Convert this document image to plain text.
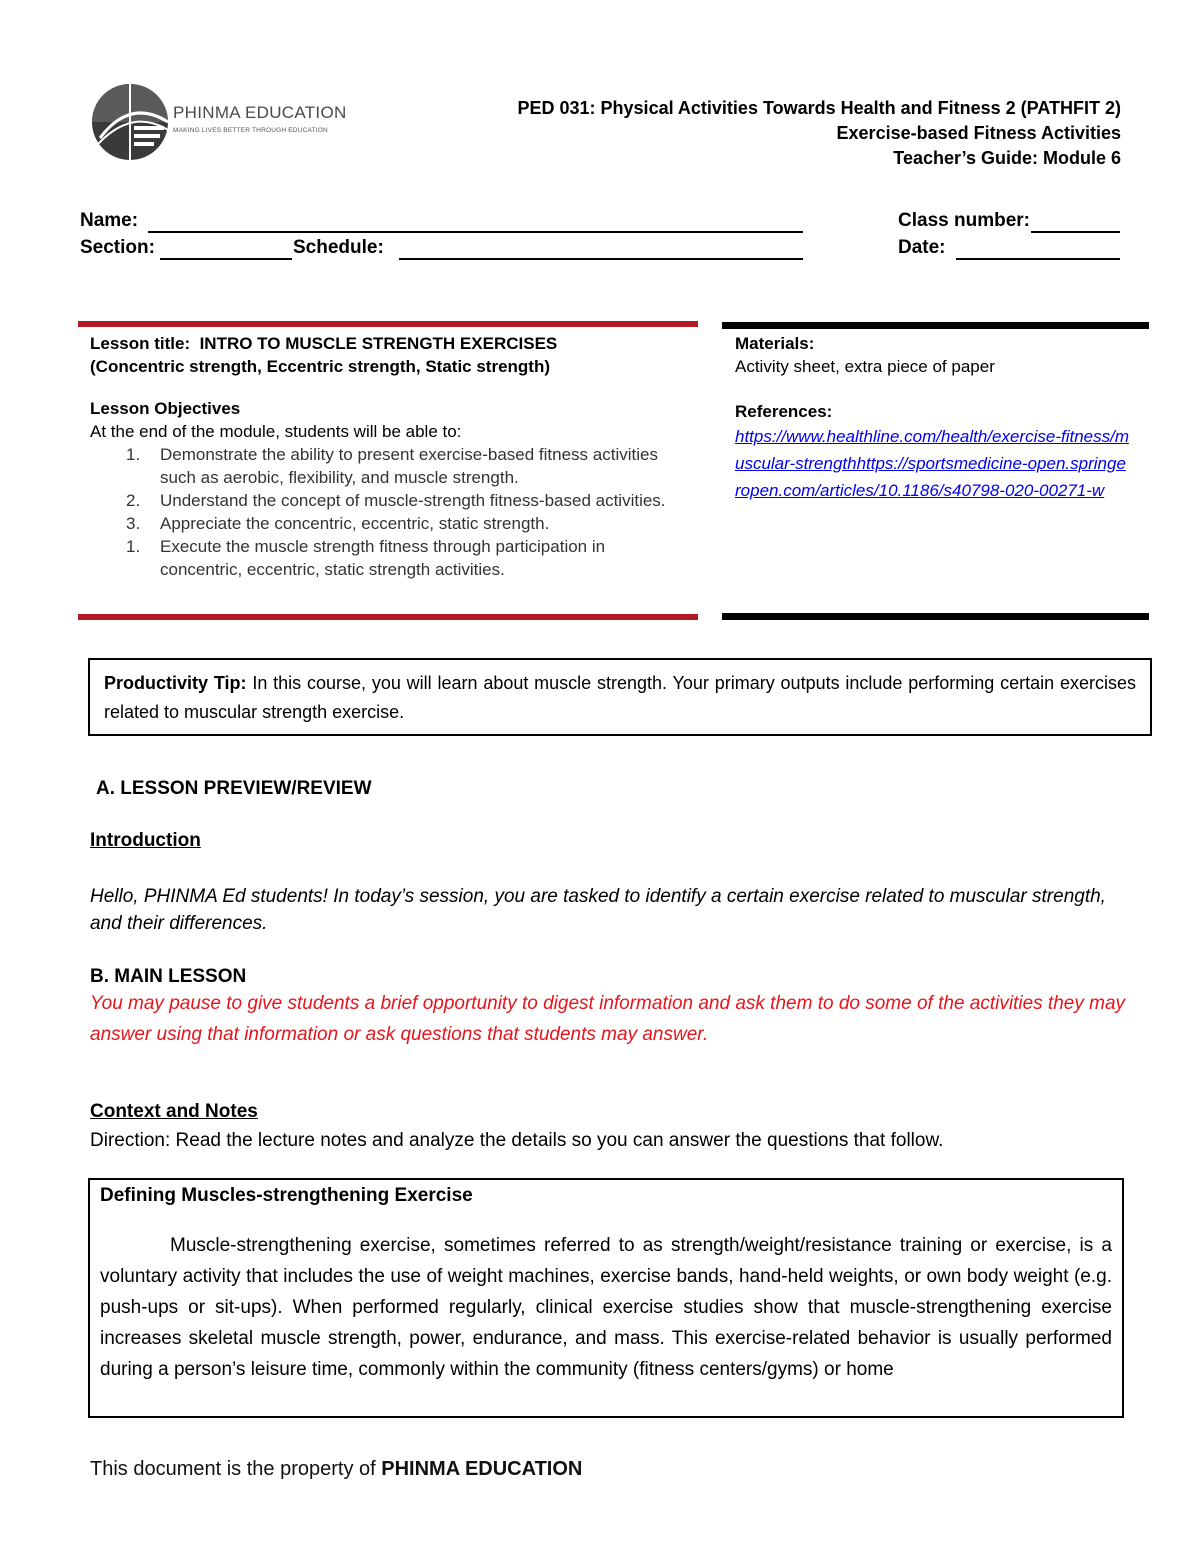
PHINMA EDUCATION
MAKING LIVES BETTER THROUGH EDUCATION
PED 031: Physical Activities Towards Health and Fitness 2 (PATHFIT 2)
Exercise-based Fitness Activities
Teacher’s Guide: Module 6
Name:	Class number:
Section:	Schedule:	Date:
Lesson title: INTRO TO MUSCLE STRENGTH EXERCISES
(Concentric strength, Eccentric strength, Static strength)
Lesson Objectives
At the end of the module, students will be able to:
1. Demonstrate the ability to present exercise-based fitness activities such as aerobic, flexibility, and muscle strength.
2. Understand the concept of muscle-strength fitness-based activities.
3. Appreciate the concentric, eccentric, static strength.
1. Execute the muscle strength fitness through participation in concentric, eccentric, static strength activities.
Materials:
Activity sheet, extra piece of paper
References:
https://www.healthline.com/health/exercise-fitness/muscular-strengthhttps://sportsmedicine-open.springeropen.com/articles/10.1186/s40798-020-00271-w
Productivity Tip: In this course, you will learn about muscle strength. Your primary outputs include performing certain exercises related to muscular strength exercise.
A. LESSON PREVIEW/REVIEW
Introduction
Hello, PHINMA Ed students! In today’s session, you are tasked to identify a certain exercise related to muscular strength, and their differences.
B. MAIN LESSON
You may pause to give students a brief opportunity to digest information and ask them to do some of the activities they may answer using that information or ask questions that students may answer.
Context and Notes
Direction: Read the lecture notes and analyze the details so you can answer the questions that follow.
Defining Muscles-strengthening Exercise
Muscle-strengthening exercise, sometimes referred to as strength/weight/resistance training or exercise, is a voluntary activity that includes the use of weight machines, exercise bands, hand-held weights, or own body weight (e.g. push-ups or sit-ups). When performed regularly, clinical exercise studies show that muscle-strengthening exercise increases skeletal muscle strength, power, endurance, and mass. This exercise-related behavior is usually performed during a person’s leisure time, commonly within the community (fitness centers/gyms) or home
This document is the property of PHINMA EDUCATION
